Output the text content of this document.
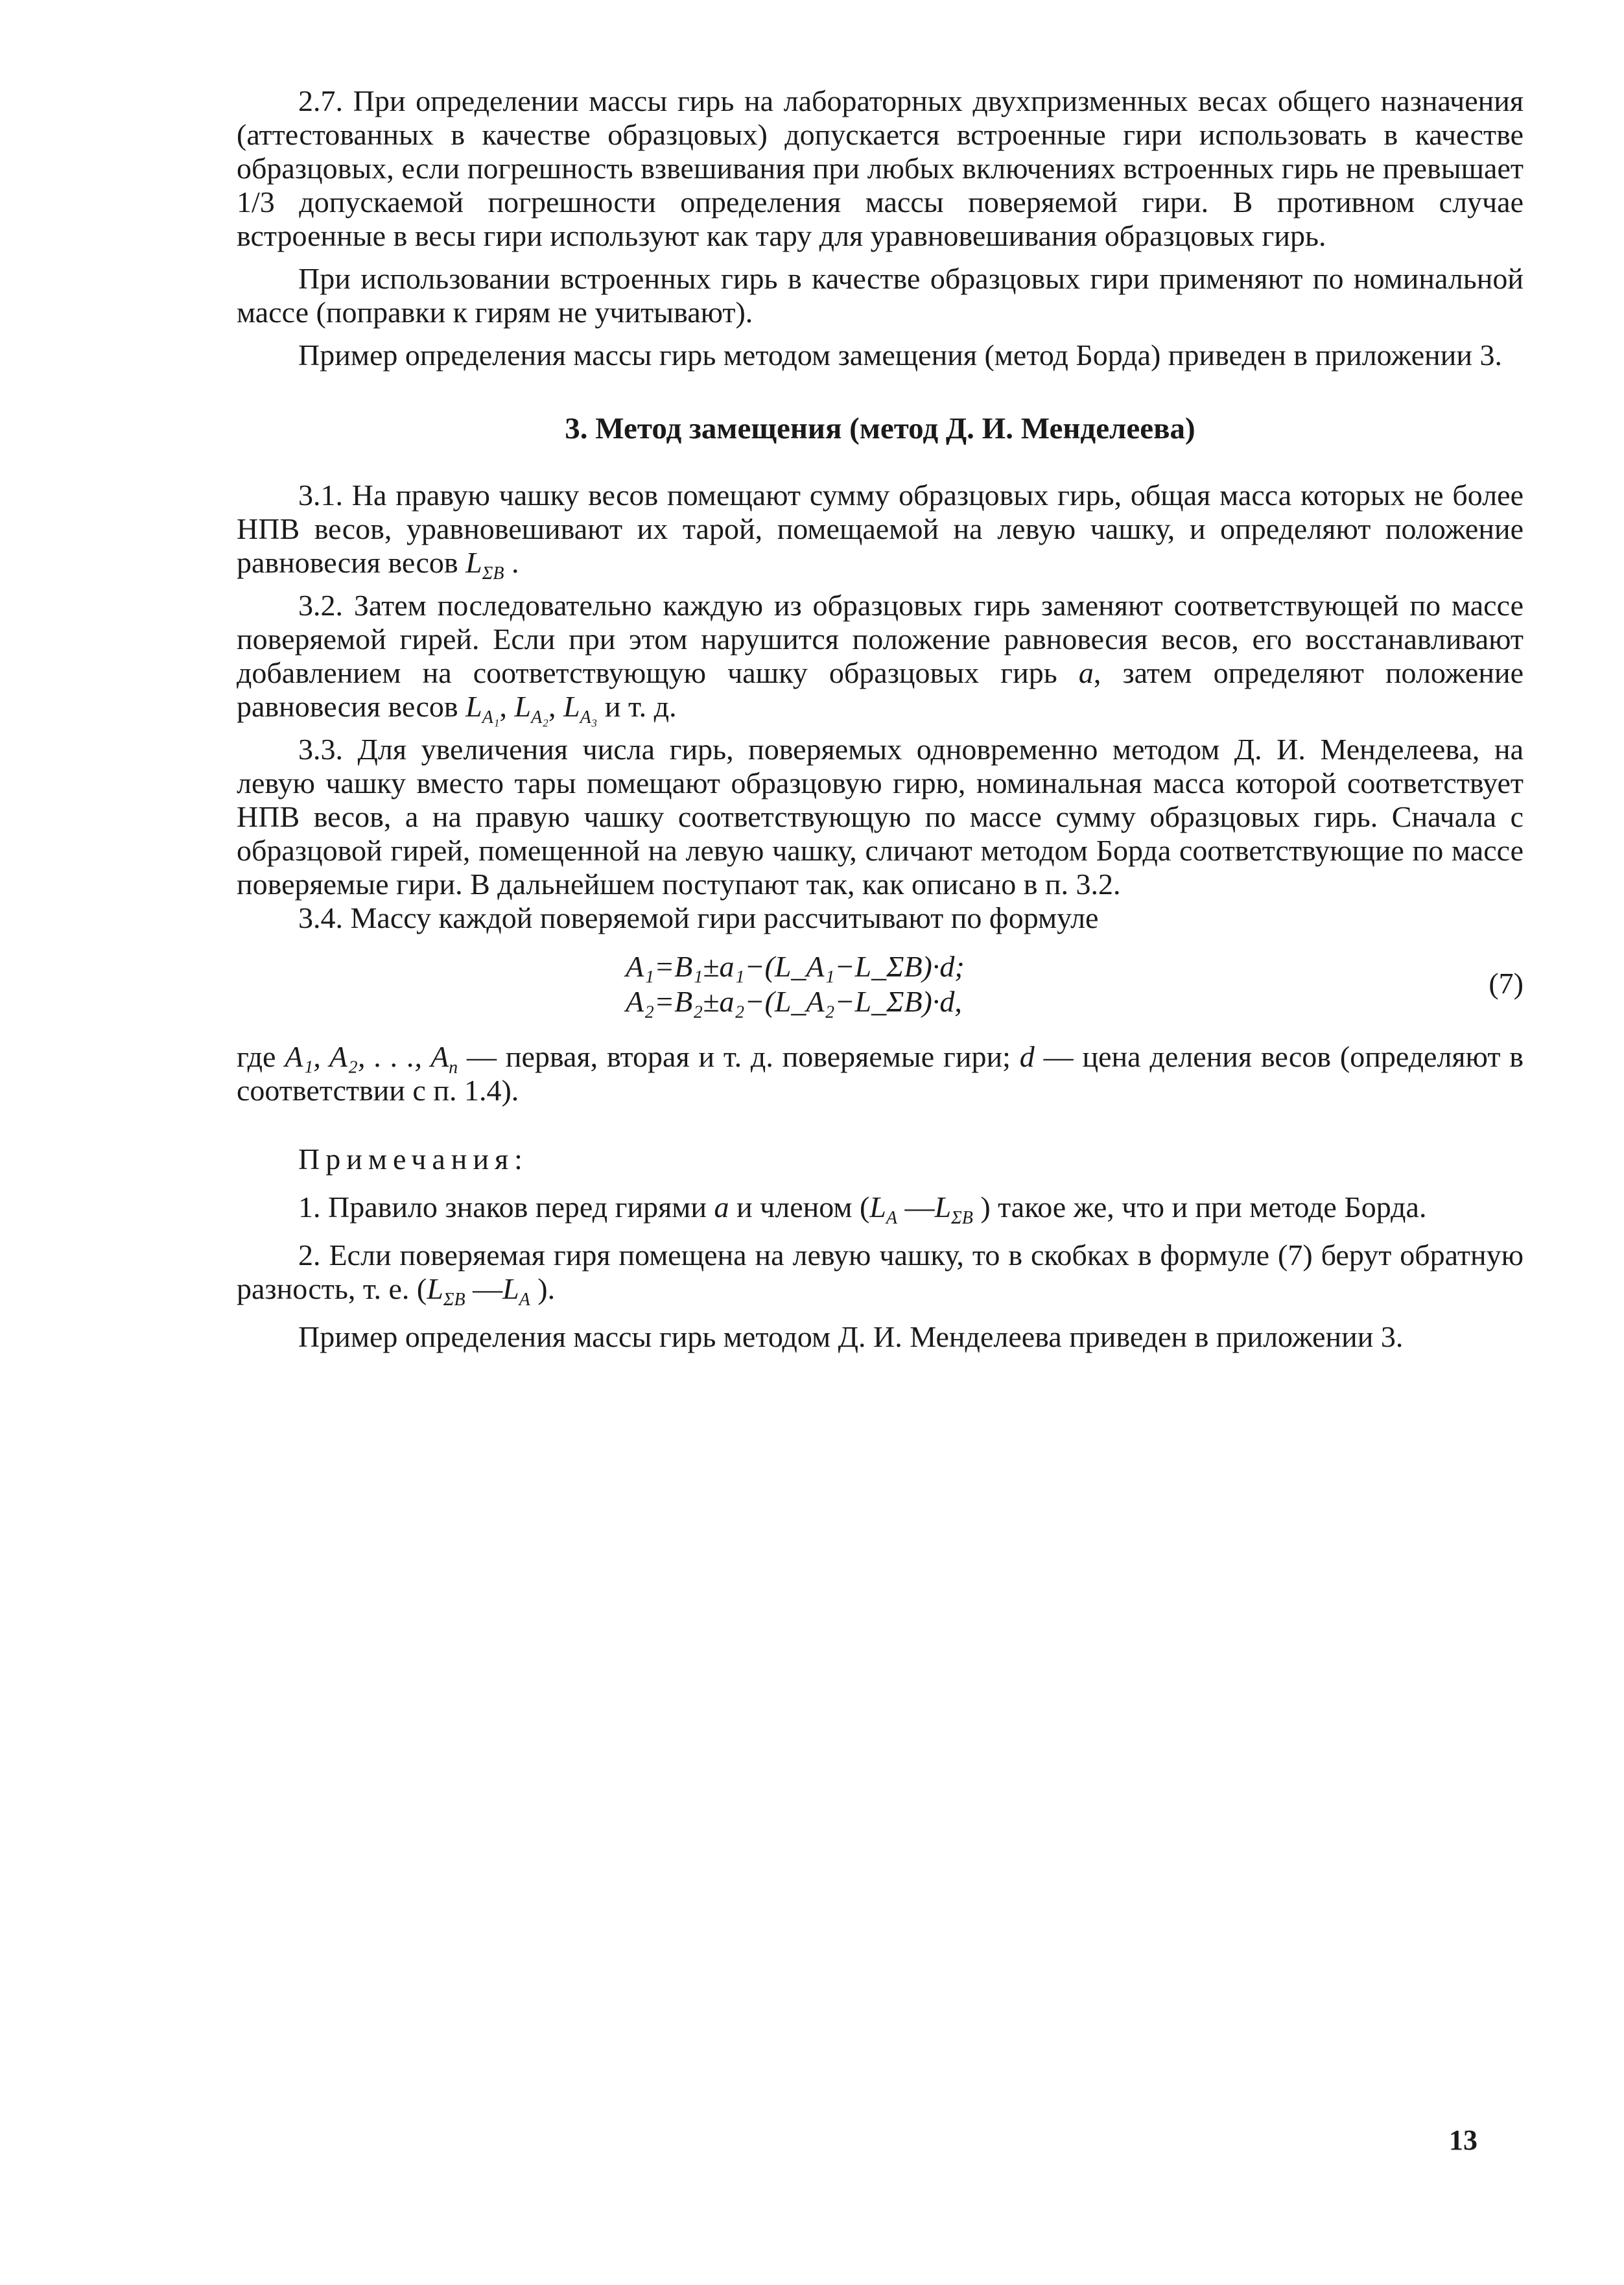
2.7. При определении массы гирь на лабораторных двухпризменных весах общего назначения (аттестованных в качестве образцовых) допускается встроенные гири использовать в качестве образцовых, если погрешность взвешивания при любых включениях встроенных гирь не превышает 1/3 допускаемой погрешности определения массы поверяемой гири. В противном случае встроенные в весы гири используют как тару для уравновешивания образцовых гирь.

При использовании встроенных гирь в качестве образцовых гири применяют по номинальной массе (поправки к гирям не учитывают).

Пример определения массы гирь методом замещения (метод Борда) приведен в приложении 3.

3. Метод замещения (метод Д. И. Менделеева)

3.1. На правую чашку весов помещают сумму образцовых гирь, общая масса которых не более НПВ весов, уравновешивают их тарой, помещаемой на левую чашку, и определяют положение равновесия весов $L_{\Sigma B}$ .

3.2. Затем последовательно каждую из образцовых гирь заменяют соответствующей по массе поверяемой гирей. Если при этом нарушится положение равновесия весов, его восстанавливают добавлением на соответствующую чашку образцовых гирь a, затем определяют положение равновесия весов $L_{A_1}$, $L_{A_2}$, $L_{A_3}$ и т. д.

3.3. Для увеличения числа гирь, поверяемых одновременно методом Д. И. Менделеева, на левую чашку вместо тары помещают образцовую гирю, номинальная масса которой соответствует НПВ весов, а на правую чашку соответствующую по массе сумму образцовых гирь. Сначала с образцовой гирей, помещенной на левую чашку, сличают методом Борда соответствующие по массе поверяемые гири. В дальнейшем поступают так, как описано в п. 3.2.

3.4. Массу каждой поверяемой гири рассчитывают по формуле

A₁=B₁±a₁−(L_A₁−L_ΣB)·d;
A₂=B₂±a₂−(L_A₂−L_ΣB)·d,
(7)

где A₁, A₂, . . ., $A_n$ — первая, вторая и т. д. поверяемые гири; d — цена деления весов (определяют в соответствии с п. 1.4).

Примечания:

1. Правило знаков перед гирями a и членом ($L_A$ $—L_{\Sigma B}$ ) такое же, что и при методе Борда.

2. Если поверяемая гиря помещена на левую чашку, то в скобках в формуле (7) берут обратную разность, т. е. ($L_{\Sigma B}$ $—L_A$ ).

Пример определения массы гирь методом Д. И. Менделеева приведен в приложении 3.

13
